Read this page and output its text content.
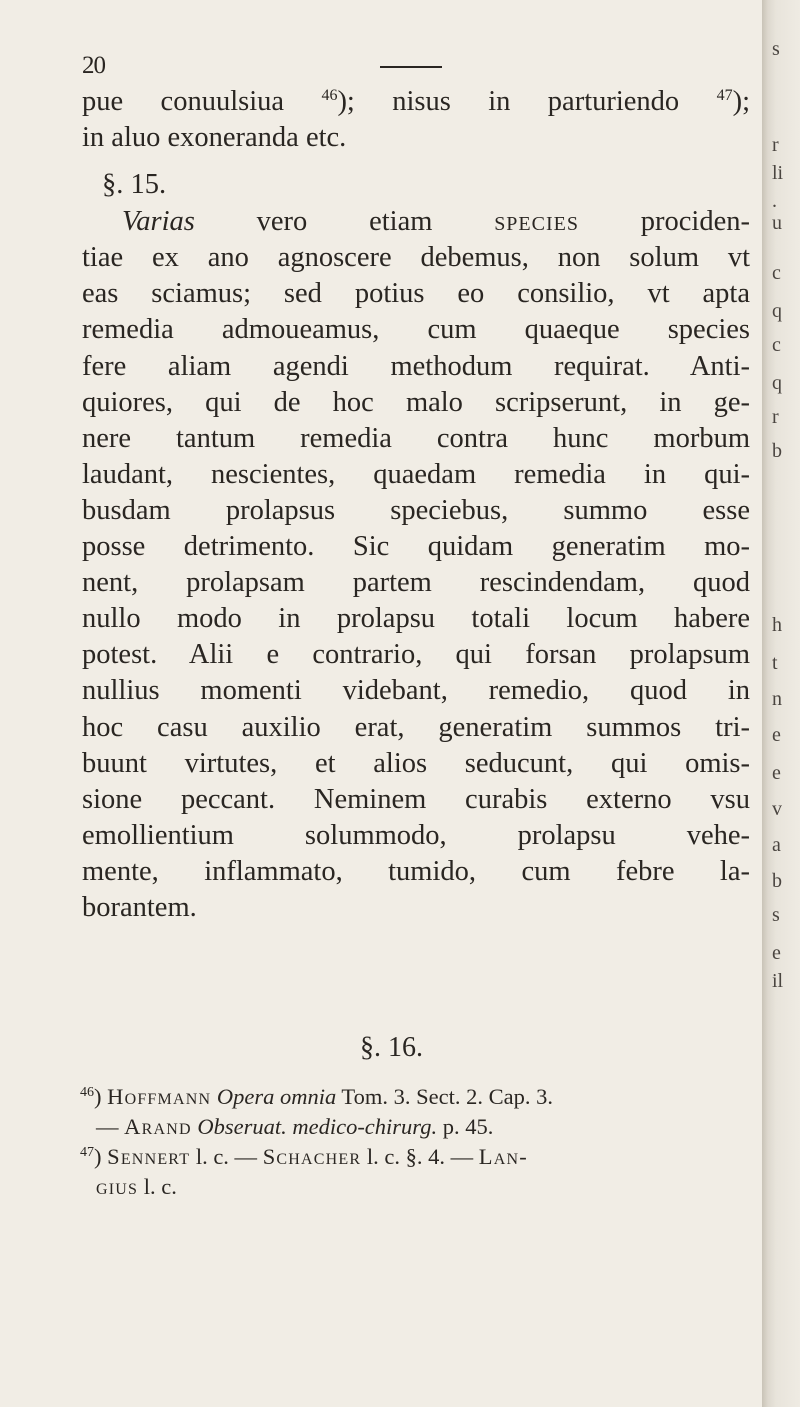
s
r
li
.
u
c
q
c
q
r
b
h
t
n
e
e
v
a
b
s
e
il
20
pue conuulsiua $^{46}$); nisus in parturiendo $^{47}$);
in aluo exoneranda etc.
§. 15.
Varias vero etiam species prociden-
tiae ex ano agnoscere debemus, non solum vt
eas sciamus; sed potius eo consilio, vt apta
remedia admoueamus, cum quaeque species
fere aliam agendi methodum requirat. Anti-
quiores, qui de hoc malo scripserunt, in ge-
nere tantum remedia contra hunc morbum
laudant, nescientes, quaedam remedia in qui-
busdam prolapsus speciebus, summo esse
posse detrimento. Sic quidam generatim mo-
nent, prolapsam partem rescindendam, quod
nullo modo in prolapsu totali locum habere
potest. Alii e contrario, qui forsan prolapsum
nullius momenti videbant, remedio, quod in
hoc casu auxilio erat, generatim summos tri-
buunt virtutes, et alios seducunt, qui omis-
sione peccant. Neminem curabis externo vsu
emollientium solummodo, prolapsu vehe-
mente, inflammato, tumido, cum febre la-
borantem.
§. 16.
$^{46}$) Hoffmann Opera omnia Tom. 3. Sect. 2. Cap. 3.
— Arand Obseruat. medico-chirurg. p. 45.
$^{47}$) Sennert l. c. — Schacher l. c. §. 4. — Lan-
gius l. c.
